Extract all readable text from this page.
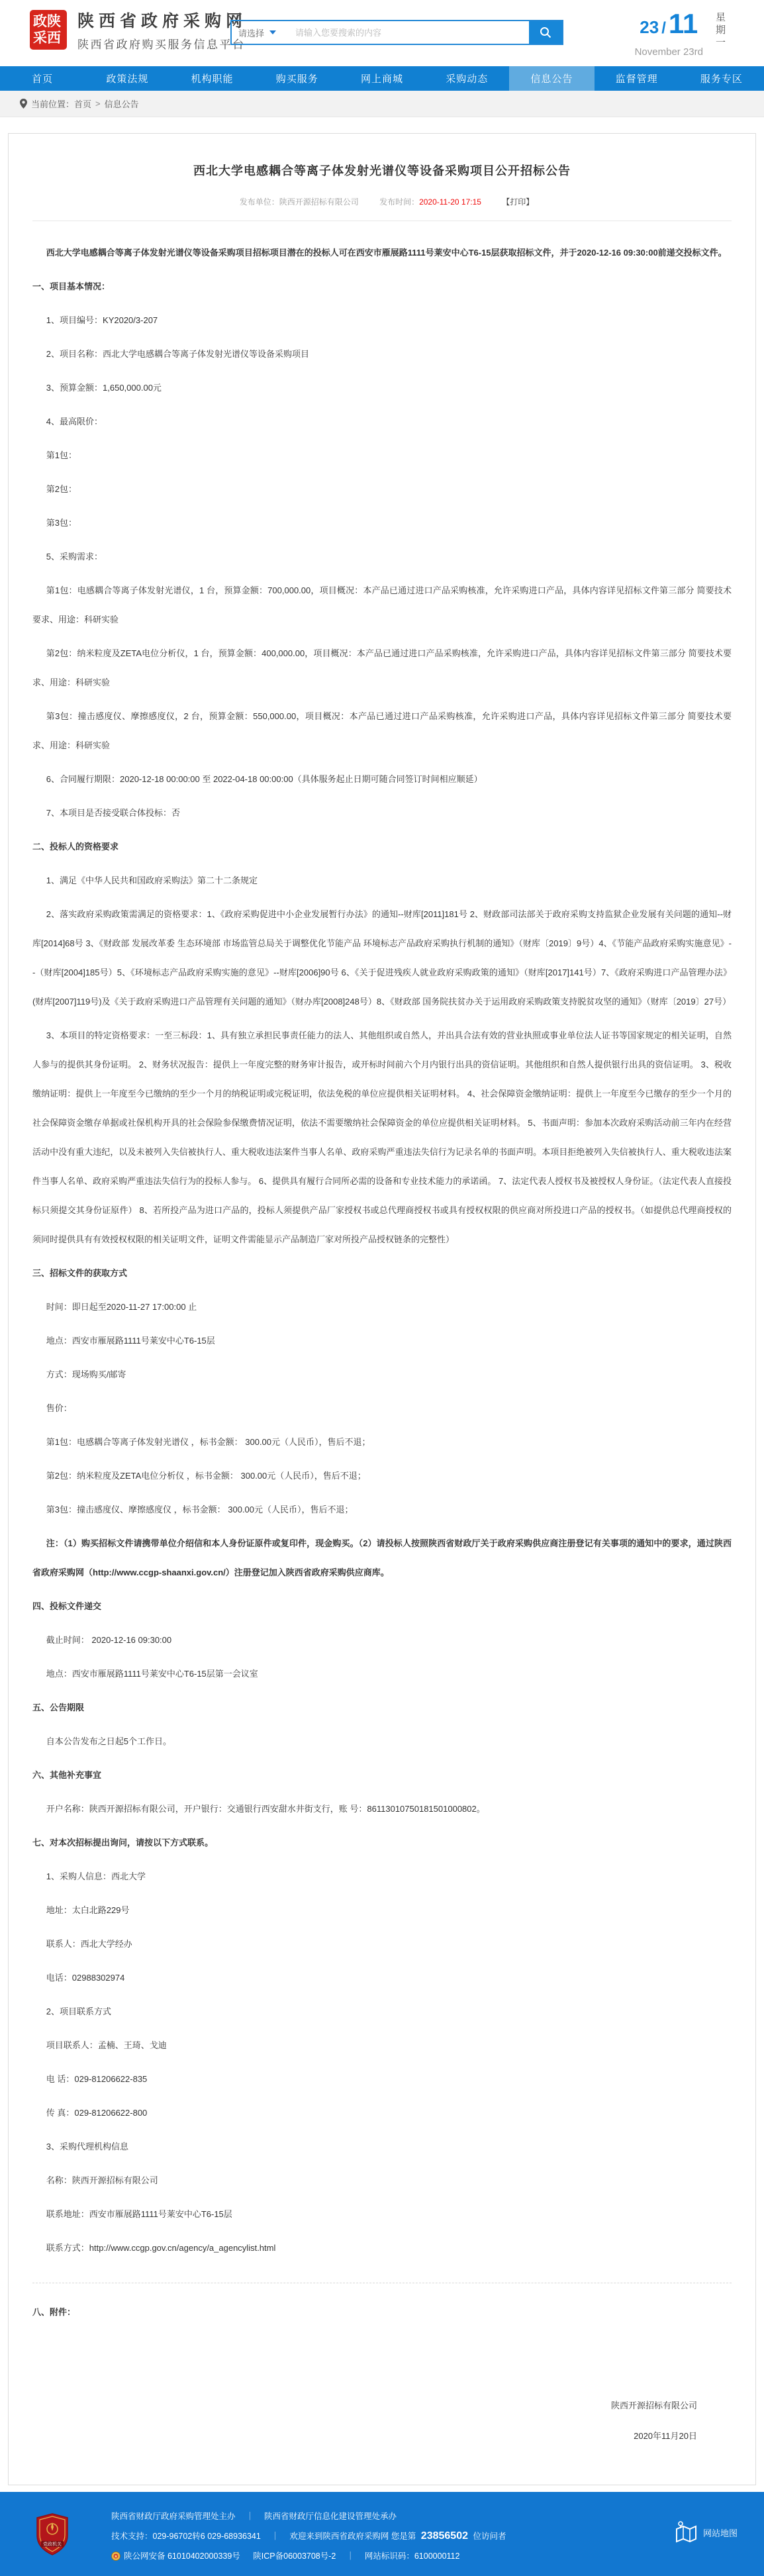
政陕
采西
陕西省政府采购网
陕西省政府购买服务信息平台
请选择
请输入您要搜索的内容	23 /11
November 23rd
星期一
首页	政策法规	机构职能	购买服务	网上商城	采购动态	信息公告	监督管理	服务专区
当前位置： 首页 > 信息公告
西北大学电感耦合等离子体发射光谱仪等设备采购项目公开招标公告
发布单位：陕西开源招标有限公司	发布时间：2020-11-20 17:15	【打印】

西北大学电感耦合等离子体发射光谱仪等设备采购项目招标项目潜在的投标人可在西安市雁展路1111号莱安中心T6-15层获取招标文件，并于2020-12-16 09:30:00前递交投标文件。

一、项目基本情况：

1、项目编号：KY2020/3-207

2、项目名称：西北大学电感耦合等离子体发射光谱仪等设备采购项目

3、预算金额：1,650,000.00元

4、最高限价：

第1包：

第2包：

第3包：

5、采购需求：

第1包：电感耦合等离子体发射光谱仪，1 台，预算金额：700,000.00，项目概况：本产品已通过进口产品采购核准，允许采购进口产品，具体内容详见招标文件第三部分 简要技术要求、用途：科研实验

第2包：纳米粒度及ZETA电位分析仪，1 台，预算金额：400,000.00，项目概况：本产品已通过进口产品采购核准，允许采购进口产品，具体内容详见招标文件第三部分 简要技术要求、用途：科研实验

第3包：撞击感度仪、摩擦感度仪，2 台，预算金额：550,000.00，项目概况：本产品已通过进口产品采购核准，允许采购进口产品，具体内容详见招标文件第三部分 简要技术要求、用途：科研实验

6、合同履行期限：2020-12-18 00:00:00 至 2022-04-18 00:00:00（具体服务起止日期可随合同签订时间相应顺延）

7、本项目是否接受联合体投标：否

二、投标人的资格要求

1、满足《中华人民共和国政府采购法》第二十二条规定

2、落实政府采购政策需满足的资格要求：1、《政府采购促进中小企业发展暂行办法》的通知--财库[2011]181号 2、财政部司法部关于政府采购支持监狱企业发展有关问题的通知--财库[2014]68号 3、《财政部 发展改革委 生态环境部 市场监管总局关于调整优化节能产品 环境标志产品政府采购执行机制的通知》（财库〔2019〕9号）4、《节能产品政府采购实施意见》--（财库[2004]185号）5、《环境标志产品政府采购实施的意见》--财库[2006]90号 6、《关于促进残疾人就业政府采购政策的通知》（财库[2017]141号）7、《政府采购进口产品管理办法》(财库[2007]119号)及《关于政府采购进口产品管理有关问题的通知》（财办库[2008]248号）8、《财政部 国务院扶贫办关于运用政府采购政策支持脱贫攻坚的通知》（财库〔2019〕27号）

3、本项目的特定资格要求：一至三标段：1、具有独立承担民事责任能力的法人、其他组织或自然人，并出具合法有效的营业执照或事业单位法人证书等国家规定的相关证明，自然人参与的提供其身份证明。 2、财务状况报告：提供上一年度完整的财务审计报告，或开标时间前六个月内银行出具的资信证明。其他组织和自然人提供银行出具的资信证明。 3、税收缴纳证明：提供上一年度至今已缴纳的至少一个月的纳税证明或完税证明，依法免税的单位应提供相关证明材料。 4、社会保障资金缴纳证明：提供上一年度至今已缴存的至少一个月的社会保障资金缴存单据或社保机构开具的社会保险参保缴费情况证明，依法不需要缴纳社会保障资金的单位应提供相关证明材料。 5、书面声明：参加本次政府采购活动前三年内在经营活动中没有重大违纪，以及未被列入失信被执行人、重大税收违法案件当事人名单、政府采购严重违法失信行为记录名单的书面声明。本项目拒绝被列入失信被执行人、重大税收违法案件当事人名单、政府采购严重违法失信行为的投标人参与。 6、提供具有履行合同所必需的设备和专业技术能力的承诺函。 7、法定代表人授权书及被授权人身份证。（法定代表人直接投标只须提交其身份证原件） 8、若所投产品为进口产品的，投标人须提供产品厂家授权书或总代理商授权书或具有授权权限的供应商对所投进口产品的授权书。（如提供总代理商授权的须同时提供具有有效授权权限的相关证明文件，证明文件需能显示产品制造厂家对所投产品授权链条的完整性）

三、招标文件的获取方式

时间：即日起至2020-11-27 17:00:00 止

地点：西安市雁展路1111号莱安中心T6-15层

方式：现场购买/邮寄

售价：

第1包：电感耦合等离子体发射光谱仪 ，标书金额： 300.00元（人民币），售后不退；

第2包：纳米粒度及ZETA电位分析仪 ，标书金额： 300.00元（人民币），售后不退；

第3包：撞击感度仪、摩擦感度仪 ，标书金额： 300.00元（人民币），售后不退；

注：（1）购买招标文件请携带单位介绍信和本人身份证原件或复印件，现金购买。（2）请投标人按照陕西省财政厅关于政府采购供应商注册登记有关事项的通知中的要求，通过陕西省政府采购网（http://www.ccgp-shaanxi.gov.cn/）注册登记加入陕西省政府采购供应商库。

四、投标文件递交

截止时间： 2020-12-16 09:30:00

地点：西安市雁展路1111号莱安中心T6-15层第一会议室

五、公告期限

自本公告发布之日起5个工作日。

六、其他补充事宜

开户名称：陕西开源招标有限公司，开户银行：交通银行西安甜水井街支行，账 号：86113010750181501000802。

七、对本次招标提出询问，请按以下方式联系。

1、采购人信息：西北大学

地址：太白北路229号

联系人：西北大学经办

电话：02988302974

2、项目联系方式

项目联系人：孟楠、王琦、戈迪

电 话：029-81206622-835

传 真：029-81206622-800

3、采购代理机构信息

名称：陕西开源招标有限公司

联系地址：西安市雁展路1111号莱安中心T6-15层

联系方式：http://www.ccgp.gov.cn/agency/a_agencylist.html

八、附件：

陕西开源招标有限公司
2020年11月20日
党政机关
陕西省财政厅政府采购管理处主办 ｜ 陕西省财政厅信息化建设管理处承办
技术支持：029-96702转6 029-68936341 ｜ 欢迎来到陕西省政府采购网 您是第 23856502 位访问者
陕公网安备 61010402000339号 陕ICP备06003708号-2 ｜ 网站标识码：6100000112
网站地图
